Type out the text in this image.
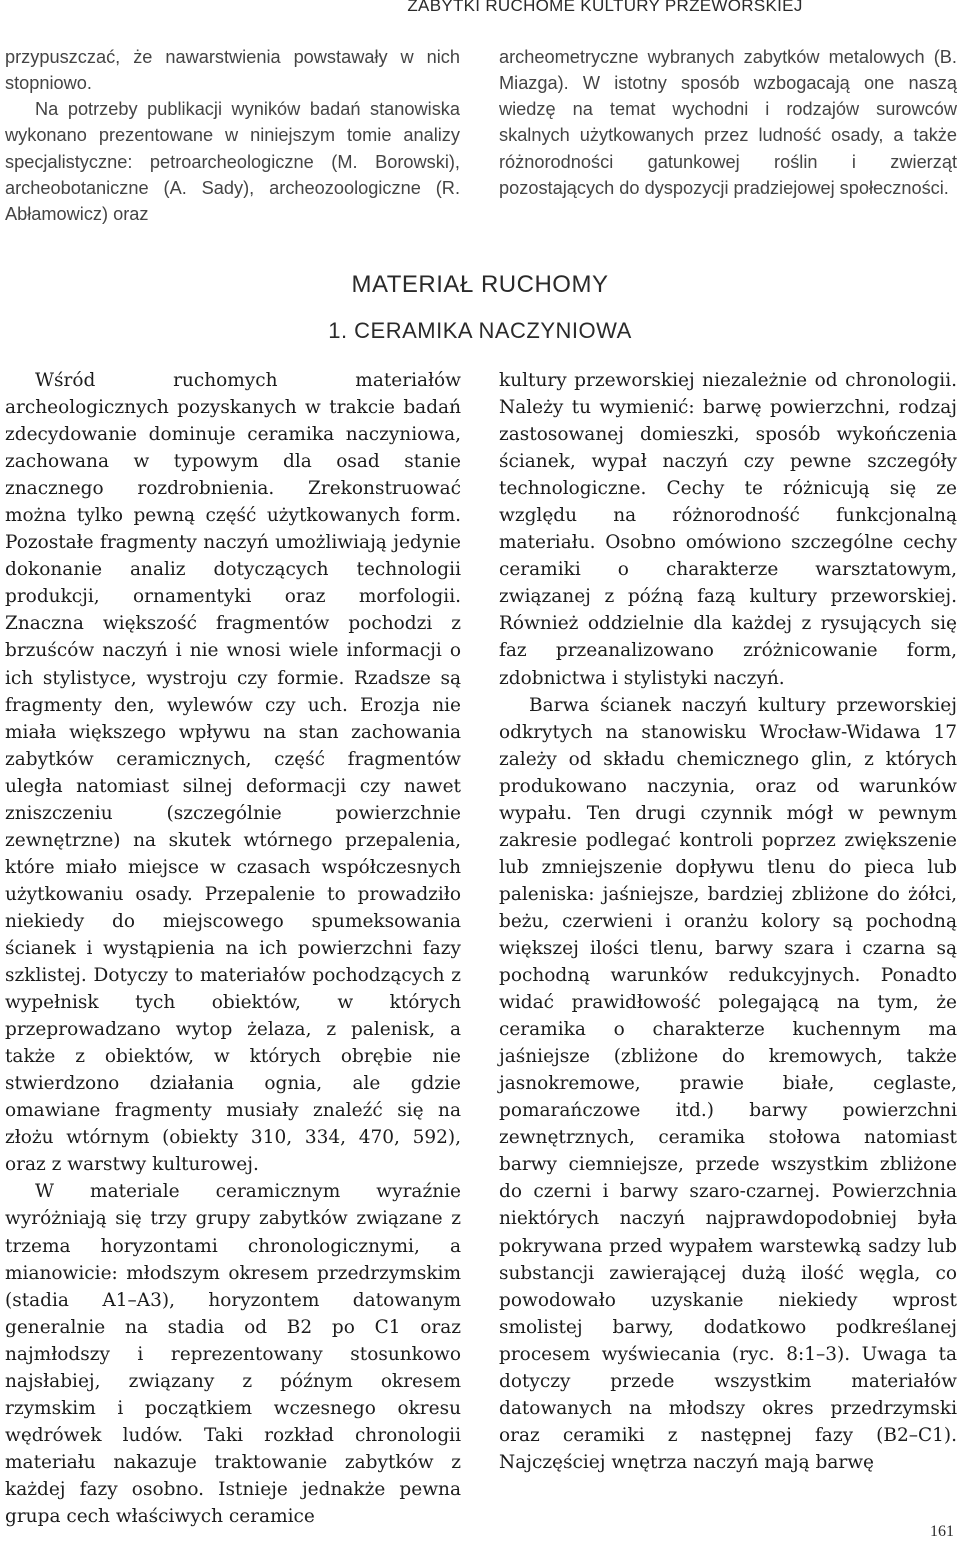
ZABYTKI RUCHOME KULTURY PRZEWORSKIEJ

przypuszczać, że nawarstwienia powstawały w nich stopniowo.

Na potrzeby publikacji wyników badań stanowiska wykonano prezentowane w niniejszym tomie analizy specjalistyczne: petroarcheologiczne (M. Borowski), archeobotaniczne (A. Sady), archeozoologiczne (R. Abłamowicz) oraz

archeometryczne wybranych zabytków metalowych (B. Miazga). W istotny sposób wzbogacają one naszą wiedzę na temat wychodni i rodzajów surowców skalnych użytkowanych przez ludność osady, a także różnorodności gatunkowej roślin i zwierząt pozostających do dyspozycji pradziejowej społeczności.

MATERIAŁ RUCHOMY
1. CERAMIKA NACZYNIOWA

Wśród ruchomych materiałów archeologicznych pozyskanych w trakcie badań zdecydowanie dominuje ceramika naczyniowa, zachowana w typowym dla osad stanie znacznego rozdrobnienia. Zrekonstruować można tylko pewną część użytkowanych form. Pozostałe fragmenty naczyń umożliwiają jedynie dokonanie analiz dotyczących technologii produkcji, ornamentyki oraz morfologii. Znaczna większość fragmentów pochodzi z brzuśców naczyń i nie wnosi wiele informacji o ich stylistyce, wystroju czy formie. Rzadsze są fragmenty den, wylewów czy uch. Erozja nie miała większego wpływu na stan zachowania zabytków ceramicznych, część fragmentów uległa natomiast silnej deformacji czy nawet zniszczeniu (szczególnie powierzchnie zewnętrzne) na skutek wtórnego przepalenia, które miało miejsce w czasach współczesnych użytkowaniu osady. Przepalenie to prowadziło niekiedy do miejscowego spumeksowania ścianek i wystąpienia na ich powierzchni fazy szklistej. Dotyczy to materiałów pochodzących z wypełnisk tych obiektów, w których przeprowadzano wytop żelaza, z palenisk, a także z obiektów, w których obrębie nie stwierdzono działania ognia, ale gdzie omawiane fragmenty musiały znaleźć się na złożu wtórnym (obiekty 310, 334, 470, 592), oraz z warstwy kulturowej.

W materiale ceramicznym wyraźnie wyróżniają się trzy grupy zabytków związane z trzema horyzontami chronologicznymi, a mianowicie: młodszym okresem przedrzymskim (stadia A1–A3), horyzontem datowanym generalnie na stadia od B2 po C1 oraz najmłodszy i reprezentowany stosunkowo najsłabiej, związany z późnym okresem rzymskim i początkiem wczesnego okresu wędrówek ludów. Taki rozkład chronologii materiału nakazuje traktowanie zabytków z każdej fazy osobno. Istnieje jednakże pewna grupa cech właściwych ceramice

kultury przeworskiej niezależnie od chronologii. Należy tu wymienić: barwę powierzchni, rodzaj zastosowanej domieszki, sposób wykończenia ścianek, wypał naczyń czy pewne szczegóły technologiczne. Cechy te różnicują się ze względu na różnorodność funkcjonalną materiału. Osobno omówiono szczególne cechy ceramiki o charakterze warsztatowym, związanej z późną fazą kultury przeworskiej. Również oddzielnie dla każdej z rysujących się faz przeanalizowano zróżnicowanie form, zdobnictwa i stylistyki naczyń.

Barwa ścianek naczyń kultury przeworskiej odkrytych na stanowisku Wrocław-Widawa 17 zależy od składu chemicznego glin, z których produkowano naczynia, oraz od warunków wypału. Ten drugi czynnik mógł w pewnym zakresie podlegać kontroli poprzez zwiększenie lub zmniejszenie dopływu tlenu do pieca lub paleniska: jaśniejsze, bardziej zbliżone do żółci, beżu, czerwieni i oranżu kolory są pochodną większej ilości tlenu, barwy szara i czarna są pochodną warunków redukcyjnych. Ponadto widać prawidłowość polegającą na tym, że ceramika o charakterze kuchennym ma jaśniejsze (zbliżone do kremowych, także jasnokremowe, prawie białe, ceglaste, pomarańczowe itd.) barwy powierzchni zewnętrznych, ceramika stołowa natomiast barwy ciemniejsze, przede wszystkim zbliżone do czerni i barwy szaro-czarnej. Powierzchnia niektórych naczyń najprawdopodobniej była pokrywana przed wypałem warstewką sadzy lub substancji zawierającej dużą ilość węgla, co powodowało uzyskanie niekiedy wprost smolistej barwy, dodatkowo podkreślanej procesem wyświecania (ryc. 8:1–3). Uwaga ta dotyczy przede wszystkim materiałów datowanych na młodszy okres przedrzymski oraz ceramiki z następnej fazy (B2–C1). Najczęściej wnętrza naczyń mają barwę

161
